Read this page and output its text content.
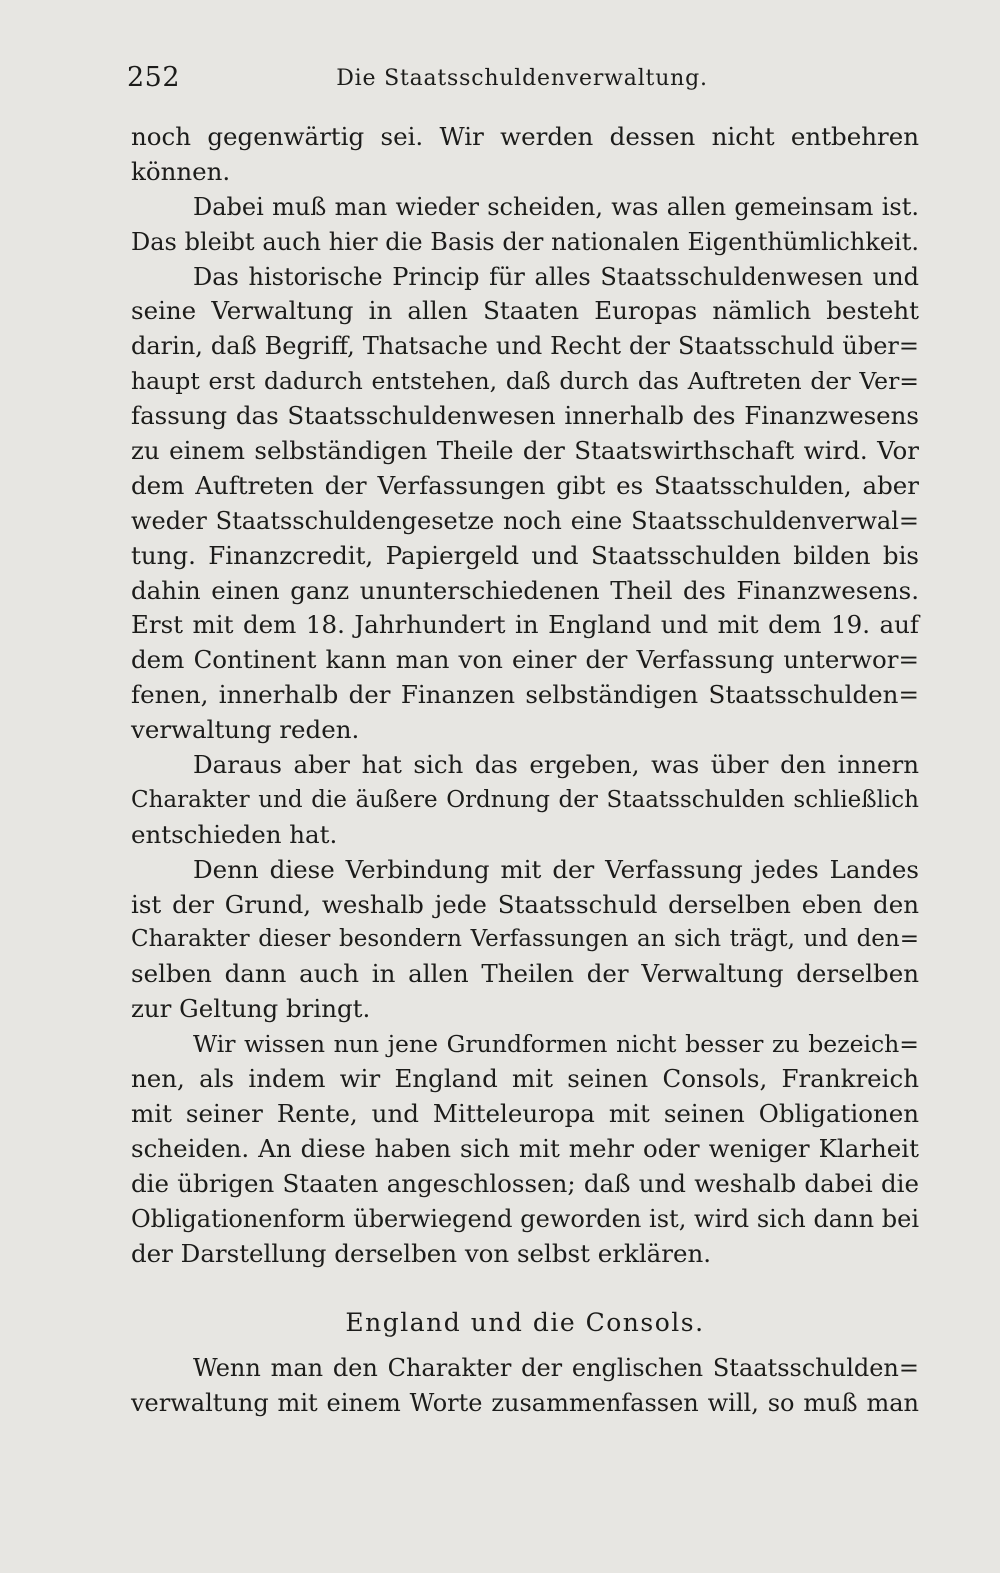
252	Die Staatsschuldenverwaltung.
noch gegenwärtig sei. Wir werden dessen nicht entbehren
können.
Dabei muß man wieder scheiden, was allen gemeinsam ist.
Das bleibt auch hier die Basis der nationalen Eigenthümlichkeit.
Das historische Princip für alles Staatsschuldenwesen und
seine Verwaltung in allen Staaten Europas nämlich besteht
darin, daß Begriff, Thatsache und Recht der Staatsschuld über=
haupt erst dadurch entstehen, daß durch das Auftreten der Ver=
fassung das Staatsschuldenwesen innerhalb des Finanzwesens
zu einem selbständigen Theile der Staatswirthschaft wird. Vor
dem Auftreten der Verfassungen gibt es Staatsschulden, aber
weder Staatsschuldengesetze noch eine Staatsschuldenverwal=
tung. Finanzcredit, Papiergeld und Staatsschulden bilden bis
dahin einen ganz ununterschiedenen Theil des Finanzwesens.
Erst mit dem 18. Jahrhundert in England und mit dem 19. auf
dem Continent kann man von einer der Verfassung unterwor=
fenen, innerhalb der Finanzen selbständigen Staatsschulden=
verwaltung reden.
Daraus aber hat sich das ergeben, was über den innern
Charakter und die äußere Ordnung der Staatsschulden schließlich
entschieden hat.
Denn diese Verbindung mit der Verfassung jedes Landes
ist der Grund, weshalb jede Staatsschuld derselben eben den
Charakter dieser besondern Verfassungen an sich trägt, und den=
selben dann auch in allen Theilen der Verwaltung derselben
zur Geltung bringt.
Wir wissen nun jene Grundformen nicht besser zu bezeich=
nen, als indem wir England mit seinen Consols, Frankreich
mit seiner Rente, und Mitteleuropa mit seinen Obligationen
scheiden. An diese haben sich mit mehr oder weniger Klarheit
die übrigen Staaten angeschlossen; daß und weshalb dabei die
Obligationenform überwiegend geworden ist, wird sich dann bei
der Darstellung derselben von selbst erklären.
England und die Consols.
Wenn man den Charakter der englischen Staatsschulden=
verwaltung mit einem Worte zusammenfassen will, so muß man
